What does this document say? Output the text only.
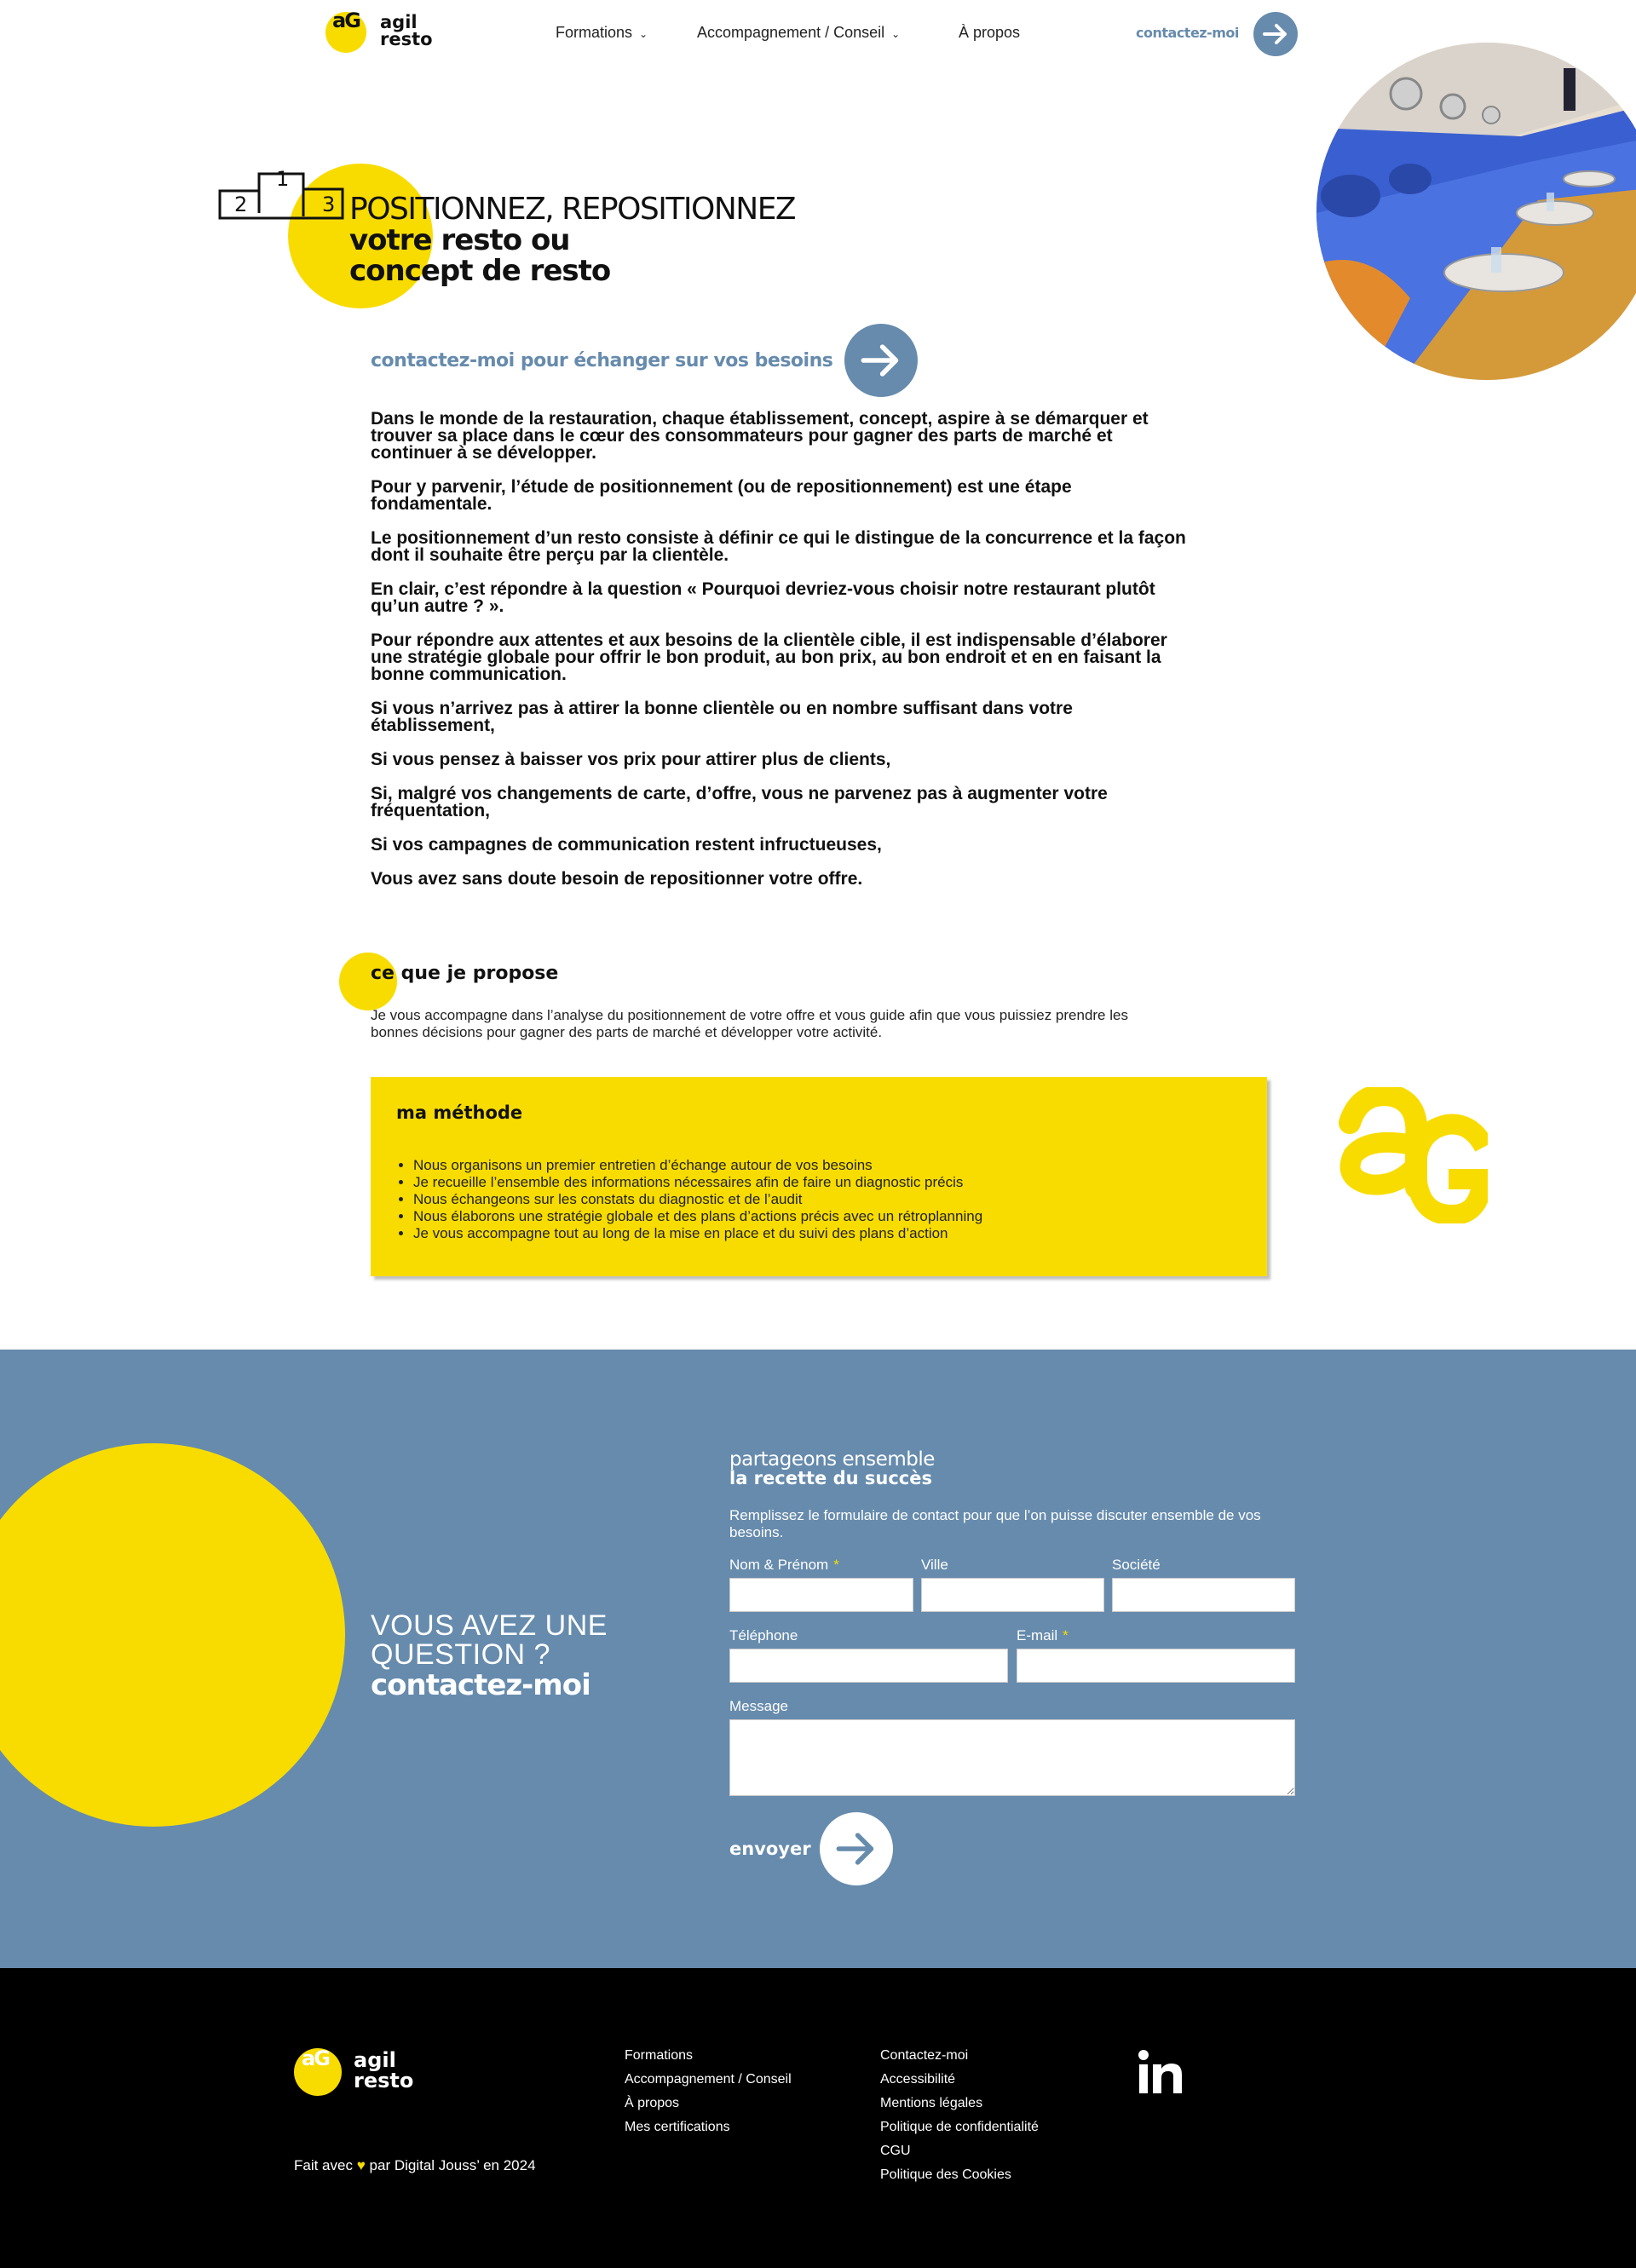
aG agil
resto	Formations ⌄	Accompagnement / Conseil ⌄	À propos	contactez-moi
1
2	3 POSITIONNEZ, REPOSITIONNEZ
votre resto ou
concept de resto
contactez-moi pour échanger sur vos besoins

Dans le monde de la restauration, chaque établissement, concept, aspire à se démarquer et trouver sa place dans le cœur des consommateurs pour gagner des parts de marché et continuer à se développer.

Pour y parvenir, l’étude de positionnement (ou de repositionnement) est une étape fondamentale.

Le positionnement d’un resto consiste à définir ce qui le distingue de la concurrence et la façon dont il souhaite être perçu par la clientèle.

En clair, c’est répondre à la question « Pourquoi devriez-vous choisir notre restaurant plutôt qu’un autre ? ».

Pour répondre aux attentes et aux besoins de la clientèle cible, il est indispensable d’élaborer une stratégie globale pour offrir le bon produit, au bon prix, au bon endroit et en en faisant la bonne communication.

Si vous n’arrivez pas à attirer la bonne clientèle ou en nombre suffisant dans votre établissement,

Si vous pensez à baisser vos prix pour attirer plus de clients,

Si, malgré vos changements de carte, d’offre, vous ne parvenez pas à augmenter votre fréquentation,

Si vos campagnes de communication restent infructueuses,

Vous avez sans doute besoin de repositionner votre offre.

ce que je propose

Je vous accompagne dans l’analyse du positionnement de votre offre et vous guide afin que vous puissiez prendre les bonnes décisions pour gagner des parts de marché et développer votre activité.

ma méthode
• Nous organisons un premier entretien d’échange autour de vos besoins
• Je recueille l’ensemble des informations nécessaires afin de faire un diagnostic précis
• Nous échangeons sur les constats du diagnostic et de l’audit
• Nous élaborons une stratégie globale et des plans d’actions précis avec un rétroplanning
• Je vous accompagne tout au long de la mise en place et du suivi des plans d’action
VOUS AVEZ UNE
QUESTION ?
contactez-moi
partageons ensemble
la recette du succès

Remplissez le formulaire de contact pour que l’on puisse discuter ensemble de vos besoins.

Nom & Prénom *	Ville	Société
Téléphone	E-mail *
Message
envoyer
aG agil
resto
Formations
Accompagnement / Conseil
À propos
Mes certifications
Contactez-moi
Accessibilité
Mentions légales
Politique de confidentialité
CGU
Politique des Cookies
Fait avec ♥ par Digital Jouss’ en 2024
